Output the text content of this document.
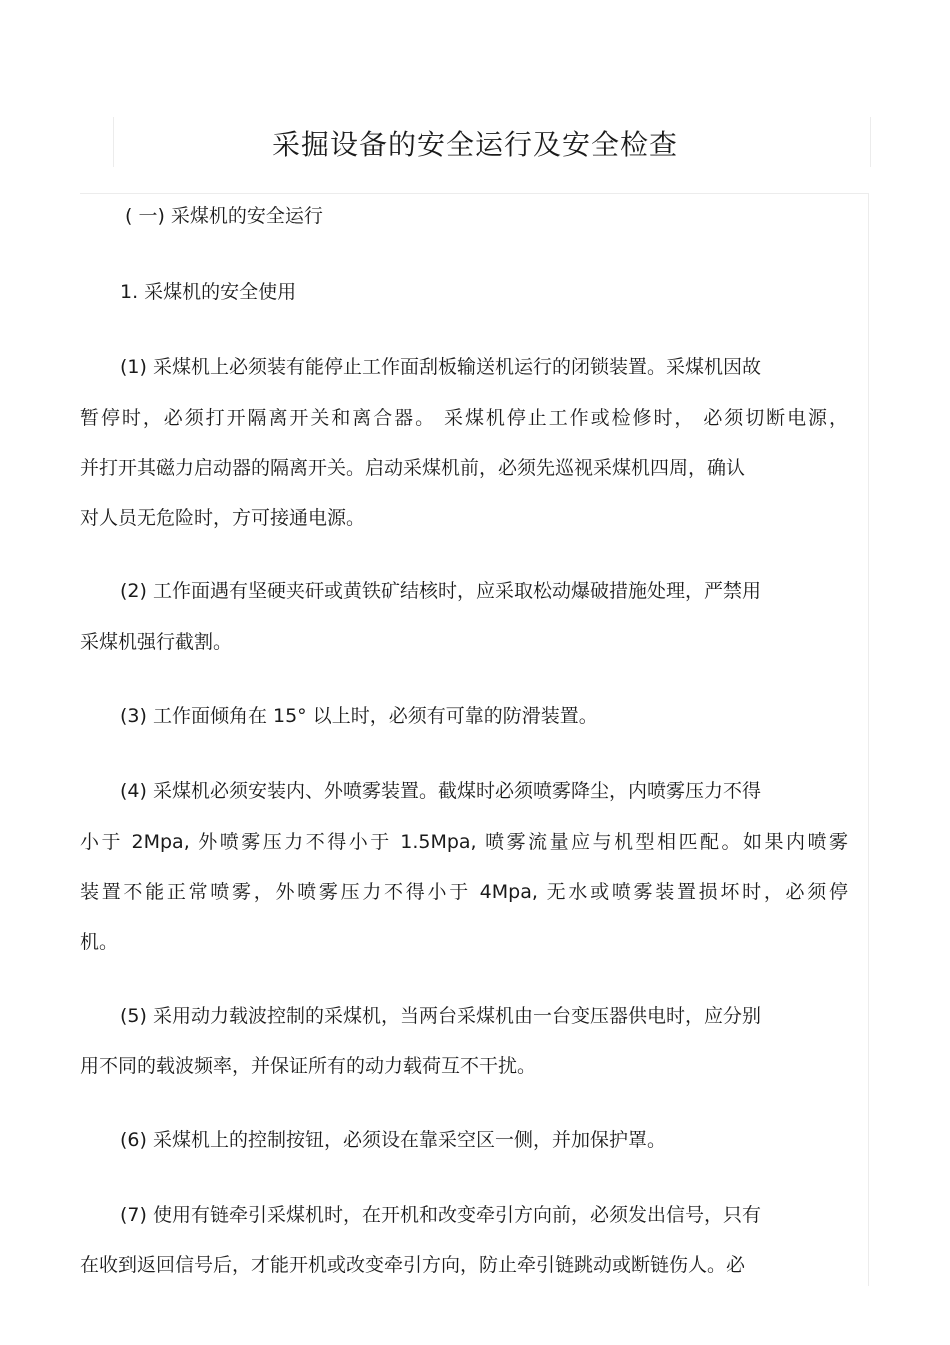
采掘设备的安全运行及安全检查
( 一) 采煤机的安全运行
1. 采煤机的安全使用
(1) 采煤机上必须装有能停止工作面刮板输送机运行的闭锁装置。采煤机因故
暂停时，必须打开隔离开关和离合器。 采煤机停止工作或检修时， 必须切断电源，
并打开其磁力启动器的隔离开关。启动采煤机前，必须先巡视采煤机四周，确认
对人员无危险时，方可接通电源。
(2) 工作面遇有坚硬夹矸或黄铁矿结核时，应采取松动爆破措施处理，严禁用
采煤机强行截割。
(3) 工作面倾角在 15° 以上时，必须有可靠的防滑装置。
(4) 采煤机必须安装内、外喷雾装置。截煤时必须喷雾降尘，内喷雾压力不得
小于 2Mpa, 外喷雾压力不得小于 1.5Mpa, 喷雾流量应与机型相匹配。如果内喷雾
装置不能正常喷雾，外喷雾压力不得小于 4Mpa, 无水或喷雾装置损坏时，必须停
机。
(5) 采用动力载波控制的采煤机，当两台采煤机由一台变压器供电时，应分别
用不同的载波频率，并保证所有的动力载荷互不干扰。
(6) 采煤机上的控制按钮，必须设在靠采空区一侧，并加保护罩。
(7) 使用有链牵引采煤机时，在开机和改变牵引方向前，必须发出信号，只有
在收到返回信号后，才能开机或改变牵引方向，防止牵引链跳动或断链伤人。必
